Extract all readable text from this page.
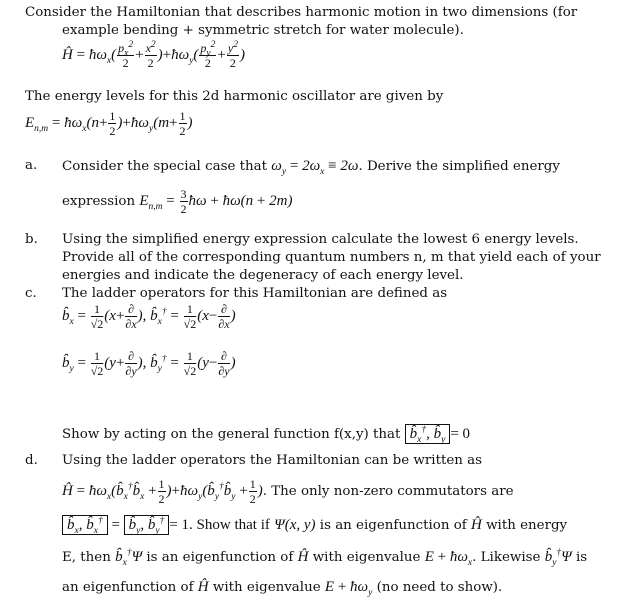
Consider the Hamiltonian that describes harmonic motion in two dimensions (for
example bending + symmetric stretch for water molecule).
Ĥ = $ħ\omega_x( \frac{p_x^2}{2} + \frac{x^2}{2}$ )$+ħ\omega_y( \frac{p_y^2}{2} + \frac{y^2}{2}$ )
The energy levels for this 2d harmonic oscillator are given by
$E_{n,m}$ = $ħ\omega_x(n+ \frac{1}{2}$ )$+ħ\omega_y(m+ \frac{1}{2}$ )
a. Consider the special case that $\omega_y = 2\omega_x \equiv 2\omega$. Derive the simplified energy
expression $E_{n,m} = \frac{3}{2}$ ħω + ħω(n + 2m)
b. Using the simplified energy expression calculate the lowest 6 energy levels.
Provide all of the corresponding quantum numbers n, m that yield each of your
energies and indicate the degeneracy of each energy level.
c. The ladder operators for this Hamiltonian are defined as
$b̂_x = \frac{1}{√2} (x+ \frac{\partial}{\partial x}$ ), $b̂_x^\dagger = \frac{1}{√2} (x- \frac{\partial}{\partial x}$ )
$b̂_y = \frac{1}{√2} (y+ \frac{\partial}{\partial y}$ ), $b̂_y^\dagger = \frac{1}{√2} (y- \frac{\partial}{\partial y}$ )
Show by acting on the general function f(x,y) that $b̂_x^\dagger$, $b̂_y = 0$
d. Using the ladder operators the Hamiltonian can be written as
Ĥ = $ħ\omega_x(b̂_x^\dagger b̂_x + \frac{1}{2}$ )$+ħ\omega_y(b̂_y^\dagger b̂_y + \frac{1}{2}$ ). The only non-zero commutators are
$b̂_x$, $b̂_x^\dagger$ = $b̂_y$, $b̂_y^\dagger = 1$. Show that if Ψ(x, y) is an eigenfunction of Ĥ with energy
E, then $b̂_x^\dagger\Psi$ is an eigenfunction of Ĥ with eigenvalue $E + ħ\omega_x$. Likewise $b̂_y^\dagger\Psi$ is
an eigenfunction of Ĥ with eigenvalue $E + ħ\omega_y$ (no need to show).
